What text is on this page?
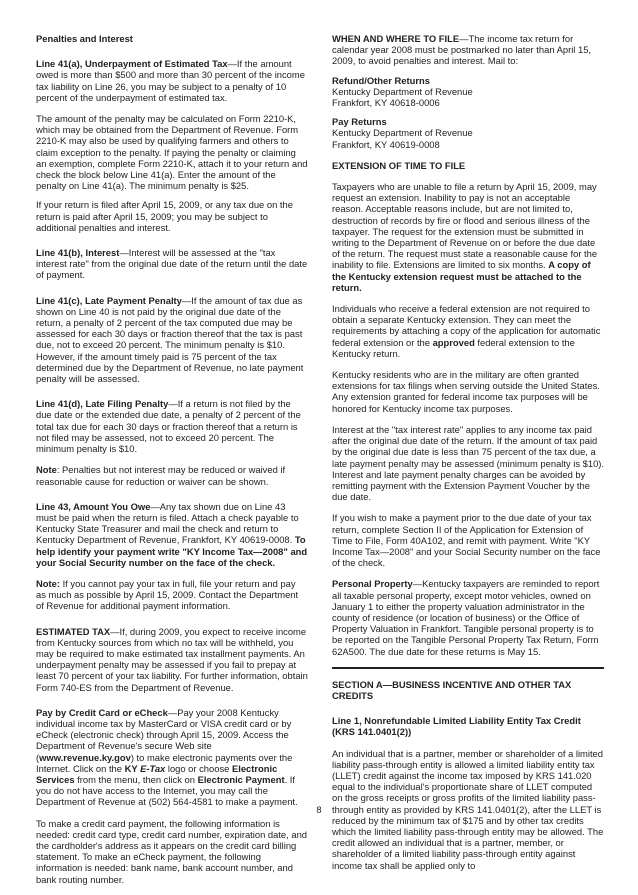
Penalties and Interest

Line 41(a), Underpayment of Estimated Tax—If the amount owed is more than $500 and more than 30 percent of the income tax liability on Line 26, you may be subject to a penalty of 10 percent of the underpayment of estimated tax.

The amount of the penalty may be calculated on Form 2210-K, which may be obtained from the Department of Revenue. Form 2210-K may also be used by qualifying farmers and others to claim exception to the penalty. If paying the penalty or claiming an exemption, complete Form 2210-K, attach it to your return and check the block below Line 41(a). Enter the amount of the penalty on Line 41(a). The minimum penalty is $25.

If your return is filed after April 15, 2009, or any tax due on the return is paid after April 15, 2009; you may be subject to additional penalties and interest.

Line 41(b), Interest—Interest will be assessed at the "tax interest rate" from the original due date of the return until the date of payment.

Line 41(c), Late Payment Penalty—If the amount of tax due as shown on Line 40 is not paid by the original due date of the return, a penalty of 2 percent of the tax computed due may be assessed for each 30 days or fraction thereof that the tax is past due, not to exceed 20 percent. The minimum penalty is $10. However, if the amount timely paid is 75 percent of the tax determined due by the Department of Revenue, no late payment penalty will be assessed.

Line 41(d), Late Filing Penalty—If a return is not filed by the due date or the extended due date, a penalty of 2 percent of the total tax due for each 30 days or fraction thereof that a return is not filed may be assessed, not to exceed 20 percent. The minimum penalty is $10.

Note: Penalties but not interest may be reduced or waived if reasonable cause for reduction or waiver can be shown.

Line 43, Amount You Owe—Any tax shown due on Line 43 must be paid when the return is filed. Attach a check payable to Kentucky State Treasurer and mail the check and return to Kentucky Department of Revenue, Frankfort, KY 40619-0008. To help identify your payment write "KY Income Tax—2008" and your Social Security number on the face of the check.

Note: If you cannot pay your tax in full, file your return and pay as much as possible by April 15, 2009. Contact the Department of Revenue for additional payment information.

ESTIMATED TAX—If, during 2009, you expect to receive income from Kentucky sources from which no tax will be withheld, you may be required to make estimated tax installment payments. An underpayment penalty may be assessed if you fail to prepay at least 70 percent of your tax liability. For further information, obtain Form 740-ES from the Department of Revenue.

Pay by Credit Card or eCheck—Pay your 2008 Kentucky individual income tax by MasterCard or VISA credit card or by eCheck (electronic check) through April 15, 2009. Access the Department of Revenue's secure Web site (www.revenue.ky.gov) to make electronic payments over the Internet. Click on the KY E-Tax logo or choose Electronic Services from the menu, then click on Electronic Payment. If you do not have access to the Internet, you may call the Department of Revenue at (502) 564-4581 to make a payment.

To make a credit card payment, the following information is needed: credit card type, credit card number, expiration date, and the cardholder's address as it appears on the credit card billing statement. To make an eCheck payment, the following information is needed: bank name, bank account number, and bank routing number.

WHEN AND WHERE TO FILE—The income tax return for calendar year 2008 must be postmarked no later than April 15, 2009, to avoid penalties and interest. Mail to:

Refund/Other Returns
Kentucky Department of Revenue
Frankfort, KY 40618-0006
Pay Returns
Kentucky Department of Revenue
Frankfort, KY 40619-0008

EXTENSION OF TIME TO FILE

Taxpayers who are unable to file a return by April 15, 2009, may request an extension. Inability to pay is not an acceptable reason. Acceptable reasons include, but are not limited to, destruction of records by fire or flood and serious illness of the taxpayer. The request for the extension must be submitted in writing to the Department of Revenue on or before the due date of the return. The request must state a reasonable cause for the inability to file. Extensions are limited to six months. A copy of the Kentucky extension request must be attached to the return.

Individuals who receive a federal extension are not required to obtain a separate Kentucky extension. They can meet the requirements by attaching a copy of the application for automatic federal extension or the approved federal extension to the Kentucky return.

Kentucky residents who are in the military are often granted extensions for tax filings when serving outside the United States. Any extension granted for federal income tax purposes will be honored for Kentucky income tax purposes.

Interest at the "tax interest rate" applies to any income tax paid after the original due date of the return. If the amount of tax paid by the original due date is less than 75 percent of the tax due, a late payment penalty may be assessed (minimum penalty is $10). Interest and late payment penalty charges can be avoided by remitting payment with the Extension Payment Voucher by the due date.

If you wish to make a payment prior to the due date of your tax return, complete Section II of the Application for Extension of Time to File, Form 40A102, and remit with payment. Write "KY Income Tax—2008" and your Social Security number on the face of the check.

Personal Property—Kentucky taxpayers are reminded to report all taxable personal property, except motor vehicles, owned on January 1 to either the property valuation administrator in the county of residence (or location of business) or the Office of Property Valuation in Frankfort. Tangible personal property is to be reported on the Tangible Personal Property Tax Return, Form 62A500. The due date for these returns is May 15.

SECTION A—BUSINESS INCENTIVE AND OTHER TAX CREDITS

Line 1, Nonrefundable Limited Liability Entity Tax Credit
(KRS 141.0401(2))

An individual that is a partner, member or shareholder of a limited liability pass-through entity is allowed a limited liability entity tax (LLET) credit against the income tax imposed by KRS 141.020 equal to the individual's proportionate share of LLET computed on the gross receipts or gross profits of the limited liability pass-through entity as provided by KRS 141.0401(2), after the LLET is reduced by the minimum tax of $175 and by other tax credits which the limited liability pass-through entity may be allowed. The credit allowed an individual that is a partner, member, or shareholder of a limited liability pass-through entity against income tax shall be applied only to

8
